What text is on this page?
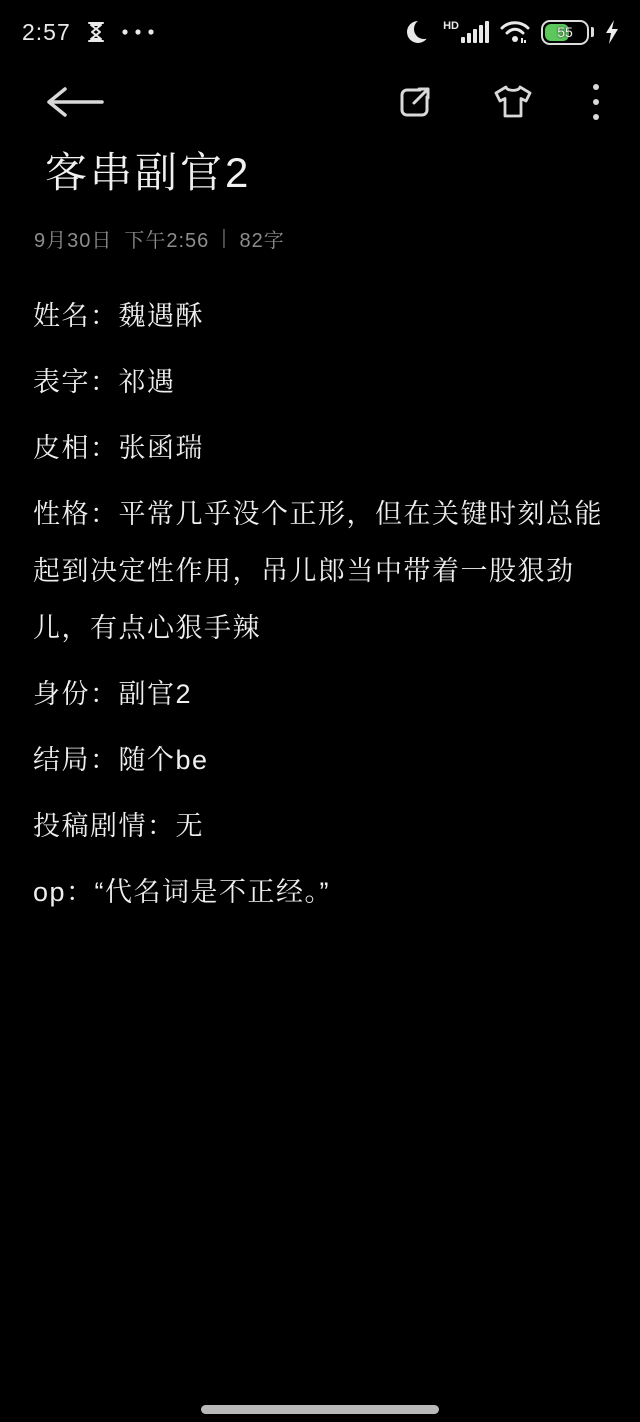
2:57	HD	55
客串副官2
9月30日 下午2:56 | 82字

姓名：魏遇酥

表字：祁遇

皮相：张函瑞

性格：平常几乎没个正形，但在关键时刻总能起到决定性作用，吊儿郎当中带着一股狠劲儿，有点心狠手辣

身份：副官2

结局：随个be

投稿剧情：无

op：“代名词是不正经。”
